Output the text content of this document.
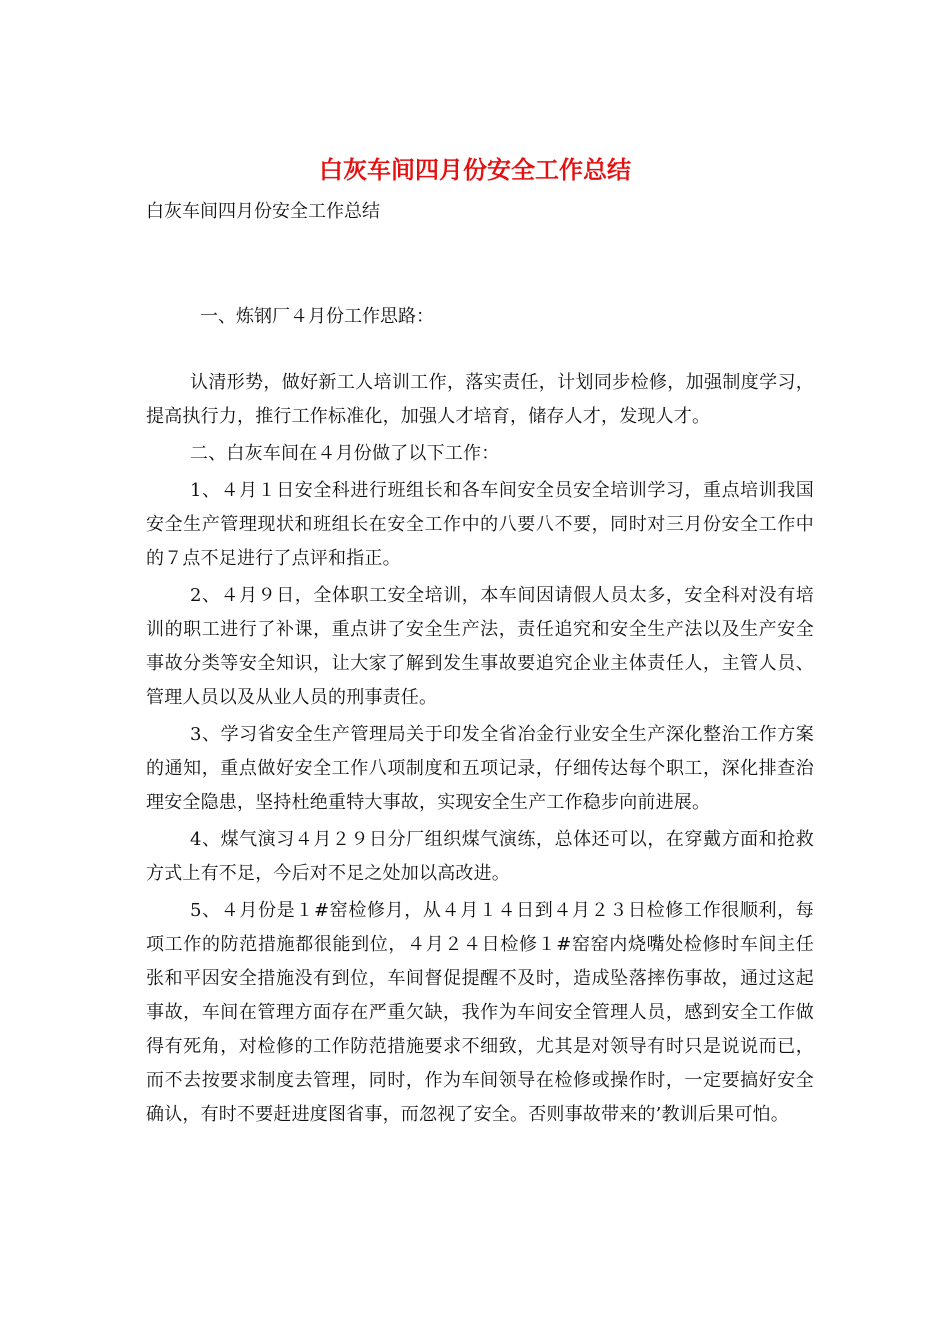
白灰车间四月份安全工作总结
白灰车间四月份安全工作总结
一、炼钢厂４月份工作思路：

认清形势，做好新工人培训工作，落实责任，计划同步检修，加强制度学习，提高执行力，推行工作标准化，加强人才培育，储存人才，发现人才。

二、白灰车间在４月份做了以下工作：

1、４月１日安全科进行班组长和各车间安全员安全培训学习，重点培训我国安全生产管理现状和班组长在安全工作中的八要八不要，同时对三月份安全工作中的７点不足进行了点评和指正。

2、４月９日，全体职工安全培训，本车间因请假人员太多，安全科对没有培训的职工进行了补课，重点讲了安全生产法，责任追究和安全生产法以及生产安全事故分类等安全知识，让大家了解到发生事故要追究企业主体责任人，主管人员、管理人员以及从业人员的刑事责任。

3、学习省安全生产管理局关于印发全省冶金行业安全生产深化整治工作方案的通知，重点做好安全工作八项制度和五项记录，仔细传达每个职工，深化排查治理安全隐患，坚持杜绝重特大事故，实现安全生产工作稳步向前进展。

4、煤气演习４月２９日分厂组织煤气演练，总体还可以，在穿戴方面和抢救方式上有不足，今后对不足之处加以高改进。

5、４月份是１#窑检修月，从４月１４日到４月２３日检修工作很顺利，每项工作的防范措施都很能到位，４月２４日检修１#窑窑内烧嘴处检修时车间主任张和平因安全措施没有到位，车间督促提醒不及时，造成坠落摔伤事故，通过这起事故，车间在管理方面存在严重欠缺，我作为车间安全管理人员，感到安全工作做得有死角，对检修的工作防范措施要求不细致，尤其是对领导有时只是说说而已，而不去按要求制度去管理，同时，作为车间领导在检修或操作时，一定要搞好安全确认，有时不要赶进度图省事，而忽视了安全。否则事故带来的’教训后果可怕。
